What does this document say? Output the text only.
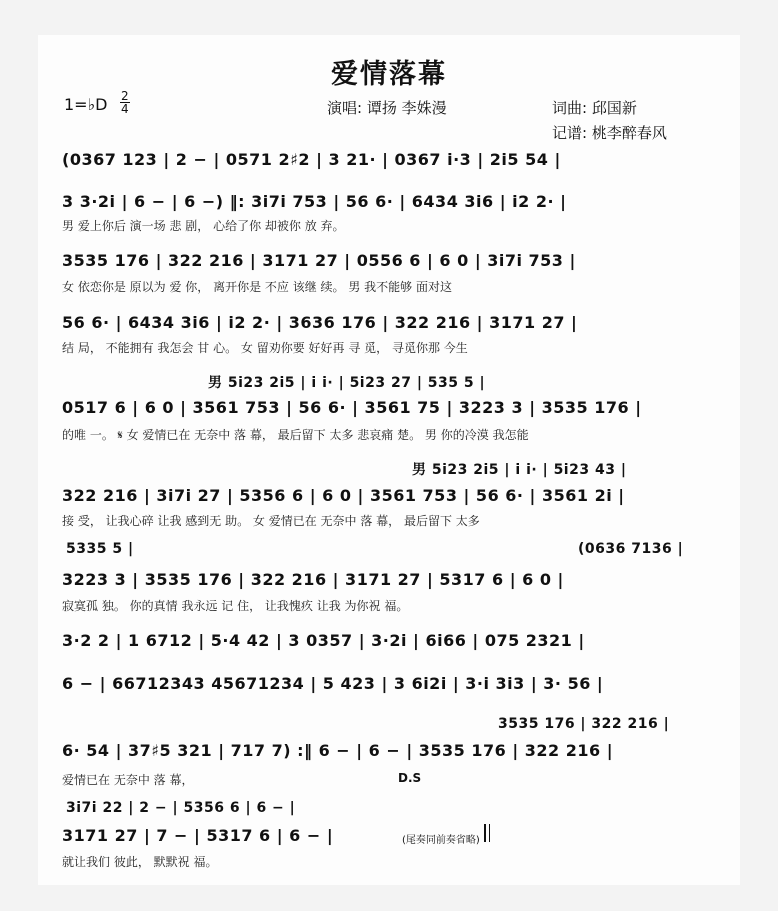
爱情落幕
1=♭D $\frac{2}{4}$	演唱: 谭扬 李姝漫	词曲: 邱国新
记谱: 桃李醉春风
(0367 123 | 2 − | 0571 2♯2 | 3 21· | 0367 i·3 | 2i5 54 |
3 3·2i | 6 − | 6 −) ‖: 3i7i 753 | 56 6· | 6434 3i6 | i2 2· |
男 爱上你后 演一场 悲 剧， 心给了你 却被你 放 弃。
3535 176 | 322 216 | 3171 27 | 0556 6 | 6 0 | 3i7i 753 |
女 依恋你是 原以为 爱 你， 离开你是 不应 该继 续。 男 我不能够 面对这
56 6· | 6434 3i6 | i2 2· | 3636 176 | 322 216 | 3171 27 |
结 局， 不能拥有 我怎会 甘 心。 女 留劝你要 好好再 寻 觅， 寻觅你那 今生
男 5i23 2i5 | i i· | 5i23 27 | 535 5 |
0517 6 | 6 0 | 3561 753 | 56 6· | 3561 75 | 3223 3 | 3535 176 |
的唯 一。 𝄋 女 爱情已在 无奈中 落 幕， 最后留下 太多 悲哀痛 楚。 男 你的冷漠 我怎能
男 5i23 2i5 | i i· | 5i23 43 |
322 216 | 3i7i 27 | 5356 6 | 6 0 | 3561 753 | 56 6· | 3561 2i |
接 受， 让我心碎 让我 感到无 助。 女 爱情已在 无奈中 落 幕， 最后留下 太多
5335 5 |	(0636 7136 |
3223 3 | 3535 176 | 322 216 | 3171 27 | 5317 6 | 6 0 |
寂寞孤 独。 你的真情 我永远 记 住， 让我愧疚 让我 为你祝 福。
3·2 2 | 1 6712 | 5·4 42 | 3 0357 | 3·2i | 6i66 | 075 2321 |
6 − | 66712343 45671234 | 5 423 | 3 6i2i | 3·i 3i3 | 3· 56 |
3535 176 | 322 216 |
6· 54 | 37♯5 321 | 717 7) :‖ 6 − | 6 − | 3535 176 | 322 216 |
D.S
爱情已在 无奈中 落 幕，
3i7i 22 | 2 − | 5356 6 | 6 − |
3171 27 | 7 − | 5317 6 | 6 − |	(尾奏同前奏省略)
就让我们 彼此， 默默祝 福。
